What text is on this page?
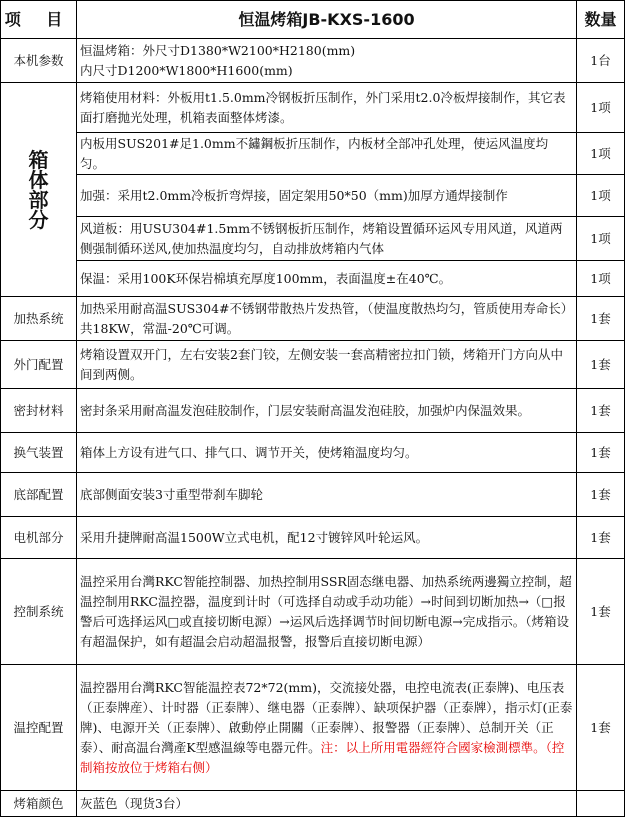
项 目	恒温烤箱JB-KXS-1600	数量
本机参数	恒温烤箱：外尺寸D1380*W2100*H2180(mm)
内尺寸D1200*W1800*H1600(mm)	1台

箱
体
部
分	烤箱使用材料：外板用t1.5.0mm冷钢板折压制作，外门采用t2.0冷板焊接制作，其它表面打磨抛光处理，机箱表面整体烤漆。	1项
	内板用SUS201#足1.0mm不鏽鋼板折压制作，内板材全部冲孔处理，使运风温度均匀。	1项
	加强：采用t2.0mm冷板折弯焊接，固定架用50*50（mm)加厚方通焊接制作	1项
	风道板：用USU304#1.5mm不锈钢板折压制作，烤箱设置循环运风专用风道，风道两侧强制循环送风,使加热温度均匀，自动排放烤箱内气体	1项
	保温：采用100K环保岩棉填充厚度100mm，表面温度±在40℃。	1项
加热系统	加热采用耐高温SUS304#不锈钢带散热片发热管，（使温度散热均匀，管质使用寿命长）共18KW，常温-20℃可调。	1套
外门配置	烤箱设置双开门，左右安装2套门铰，左侧安装一套高精密拉扣门锁，烤箱开门方向从中间到两侧。	1套
密封材料	密封条采用耐高温发泡硅胶制作，门层安装耐高温发泡硅胶，加强炉内保温效果。	1套
换气装置	箱体上方设有进气口、排气口、调节开关，使烤箱温度均匀。	1套
底部配置	底部侧面安装3寸重型带刹车脚轮	1套
电机部分	采用升捷牌耐高温1500W立式电机，配12寸镀锌风叶轮运风。	1套
控制系统	温控采用台灣RKC智能控制器、加热控制用SSR固态继电器、加热系统两邊獨立控制，超温控制用RKC温控器，温度到计时（可选择自动或手动功能）→时间到切断加热→（□报警后可选择运风□或直接切断电源）→运风后选择调节时间切断电源→完成指示。（烤箱设有超温保护，如有超温会启动超温报警，报警后直接切断电源）	1套
温控配置	温控器用台灣RKC智能温控表72*72(mm)，交流接处器，电控电流表(正泰牌)、电压表（正泰牌産）、计时器（正泰牌）、继电器（正泰牌）、缺项保护器（正泰牌），指示灯(正泰牌)、电源开关（正泰牌）、啟動停止開關（正泰牌）、报警器（正泰牌）、总制开关（正泰）、耐高温台灣產K型感温線等电器元件。注：以上所用電器經符合國家檢測標準。（控制箱按放位于烤箱右侧）	1套
烤箱颜色	灰蓝色（现货3台）	
